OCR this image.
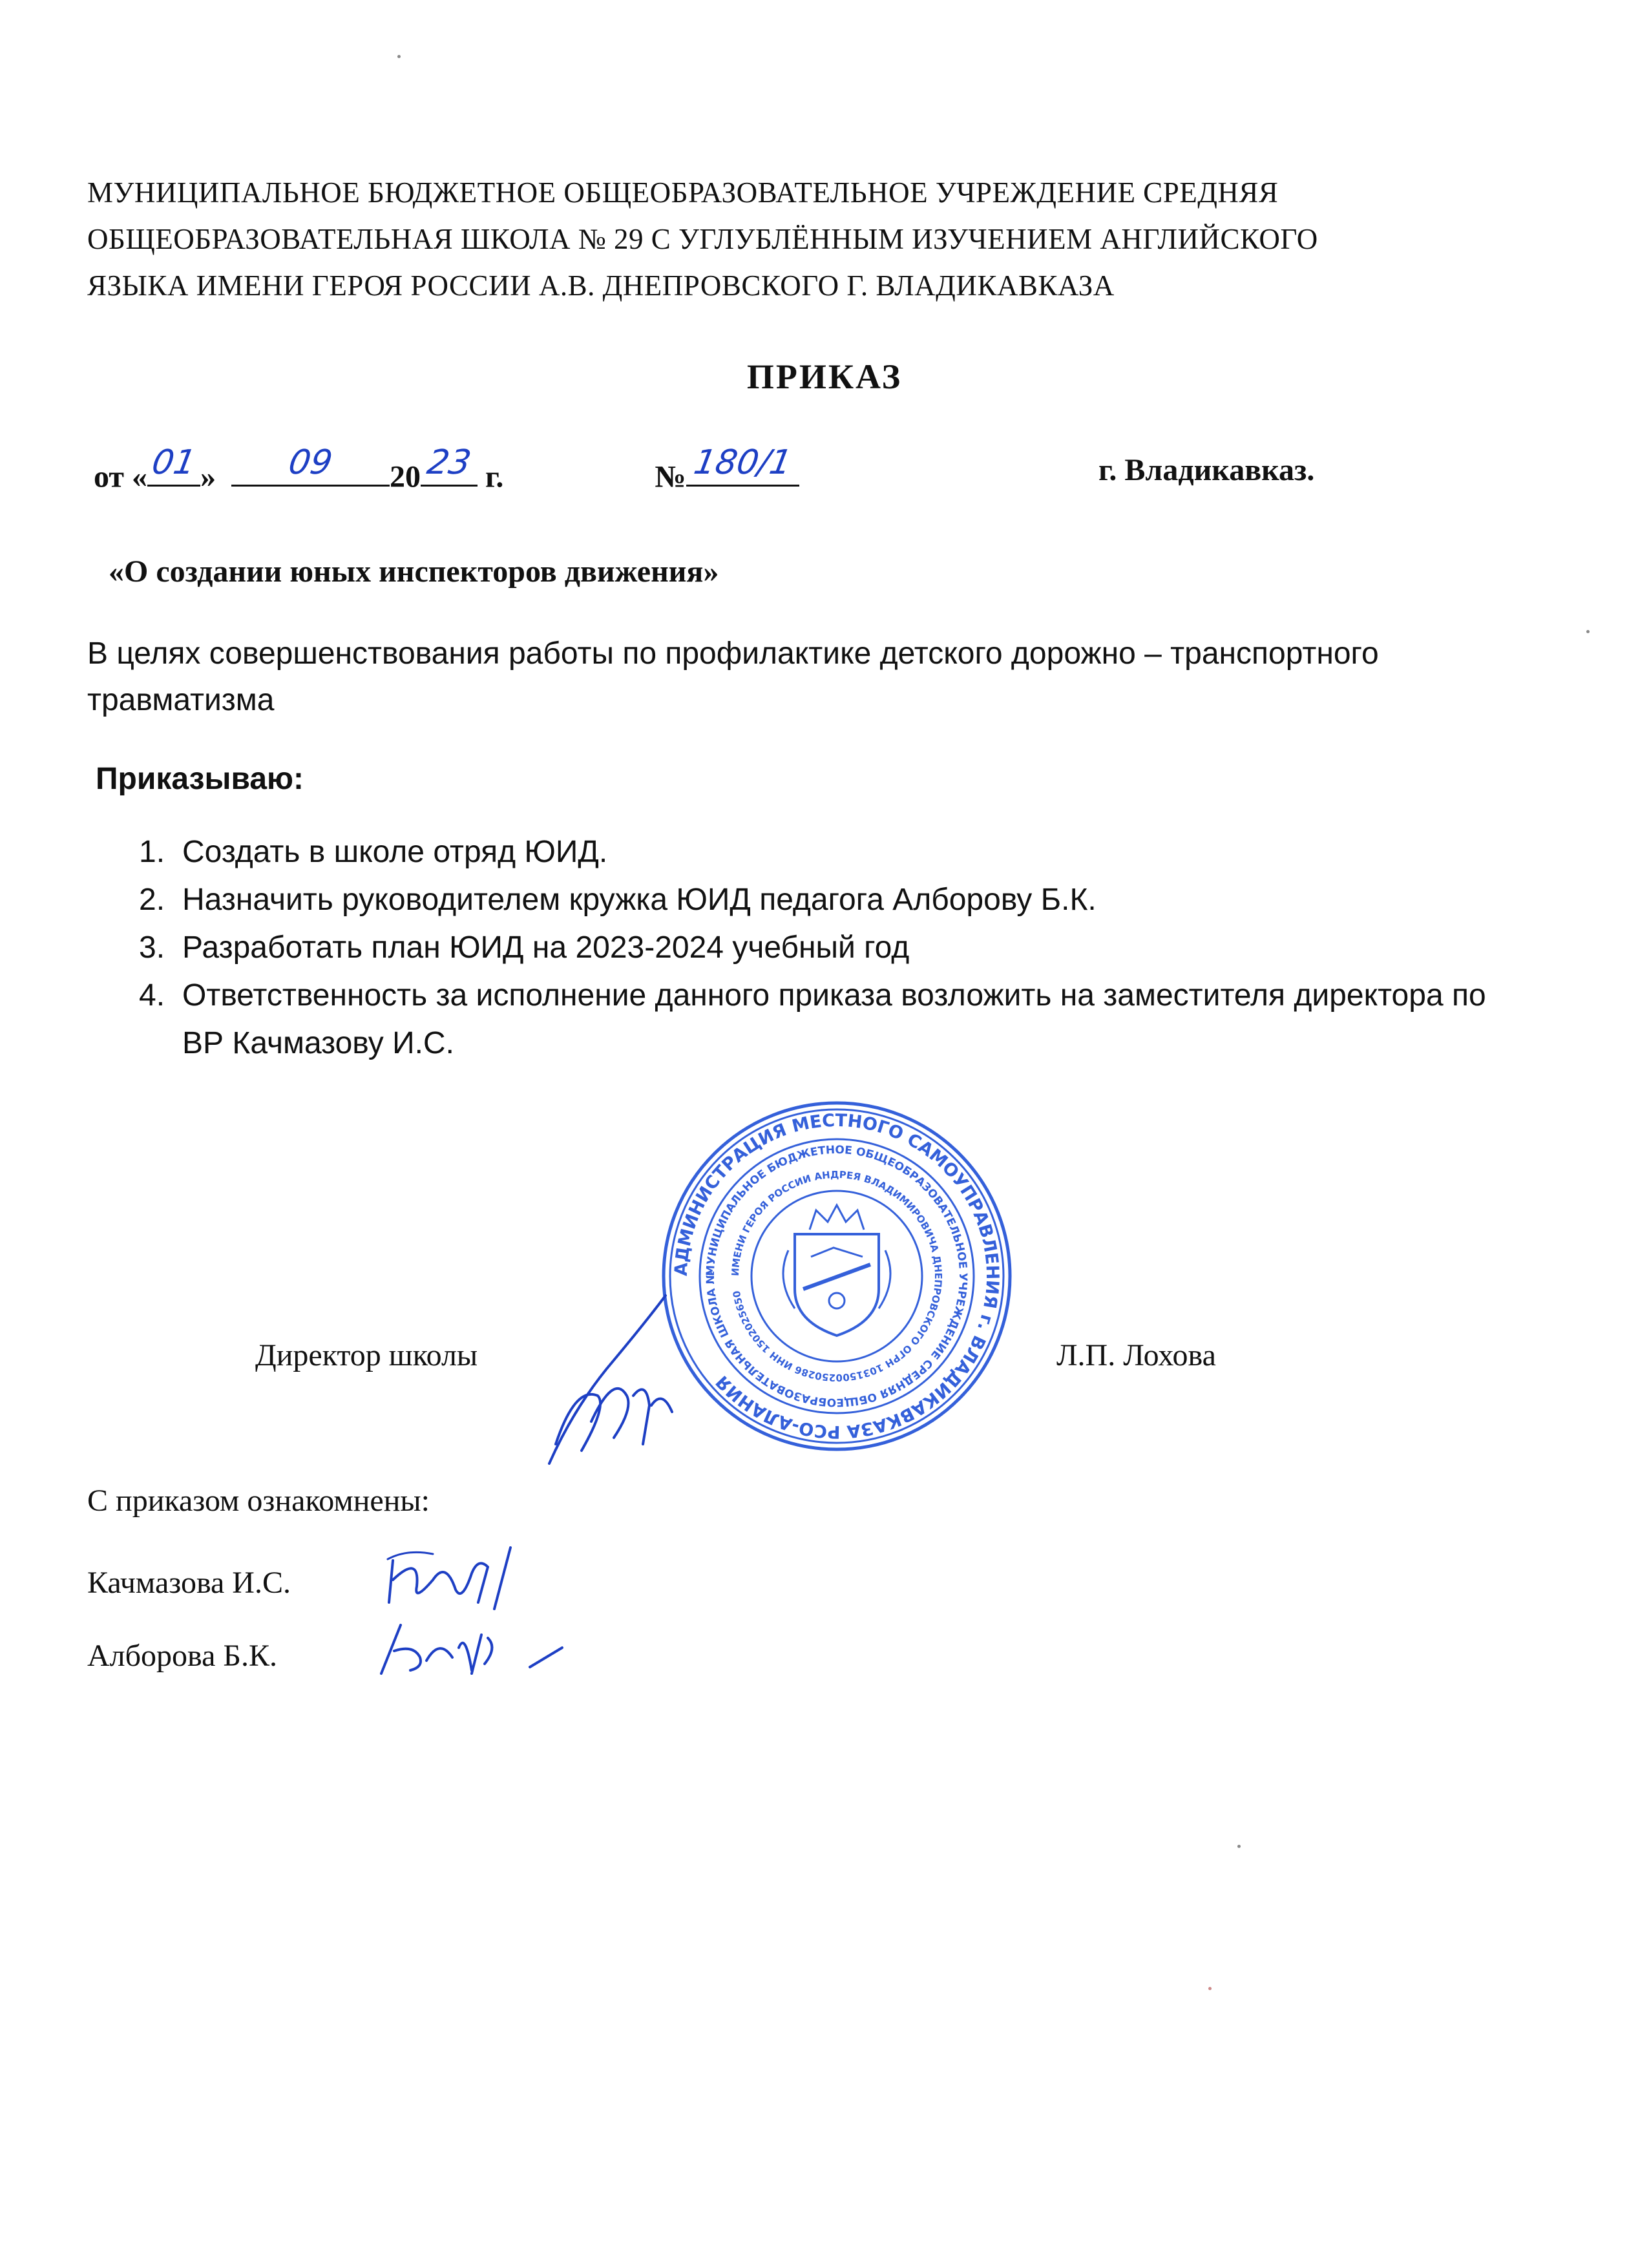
МУНИЦИПАЛЬНОЕ БЮДЖЕТНОЕ ОБЩЕОБРАЗОВАТЕЛЬНОЕ УЧРЕЖДЕНИЕ СРЕДНЯЯ
ОБЩЕОБРАЗОВАТЕЛЬНАЯ ШКОЛА № 29 С УГЛУБЛЁННЫМ ИЗУЧЕНИЕМ АНГЛИЙСКОГО
ЯЗЫКА ИМЕНИ ГЕРОЯ РОССИИ А.В. ДНЕПРОВСКОГО Г. ВЛАДИКАВКАЗА
ПРИКАЗ
от « 01 »	09	20 23 г.	№ 180/1	г. Владикавказ.
«О создании юных инспекторов движения»
В целях совершенствования работы по профилактике детского дорожно – транспортного травматизма
Приказываю:
1. Создать в школе отряд ЮИД.
2. Назначить руководителем кружка ЮИД педагога Алборову Б.К.
3. Разработать план ЮИД на 2023-2024 учебный год
4. Ответственность за исполнение данного приказа возложить на заместителя директора по ВР Качмазову И.С.
АДМИНИСТРАЦИЯ МЕСТНОГО САМОУПРАВЛЕНИЯ г. ВЛАДИКАВКАЗА РСО-АЛАНИЯ
МУНИЦИПАЛЬНОЕ БЮДЖЕТНОЕ ОБЩЕОБРАЗОВАТЕЛЬНОЕ УЧРЕЖДЕНИЕ СРЕДНЯЯ ОБЩЕОБРАЗОВАТЕЛЬНАЯ ШКОЛА №29 С УГЛУБЛЕННЫМ ИЗУЧЕНИЕМ АНГЛИЙСКОГО ЯЗЫКА
ИМЕНИ ГЕРОЯ РОССИИ АНДРЕЯ ВЛАДИМИРОВИЧА ДНЕПРОВСКОГО ОГРН 1031500250286 ИНН 1502025650
Директор школы	Л.П. Лохова
С приказом ознакомнены:
Качмазова И.С.
Алборова Б.К.
